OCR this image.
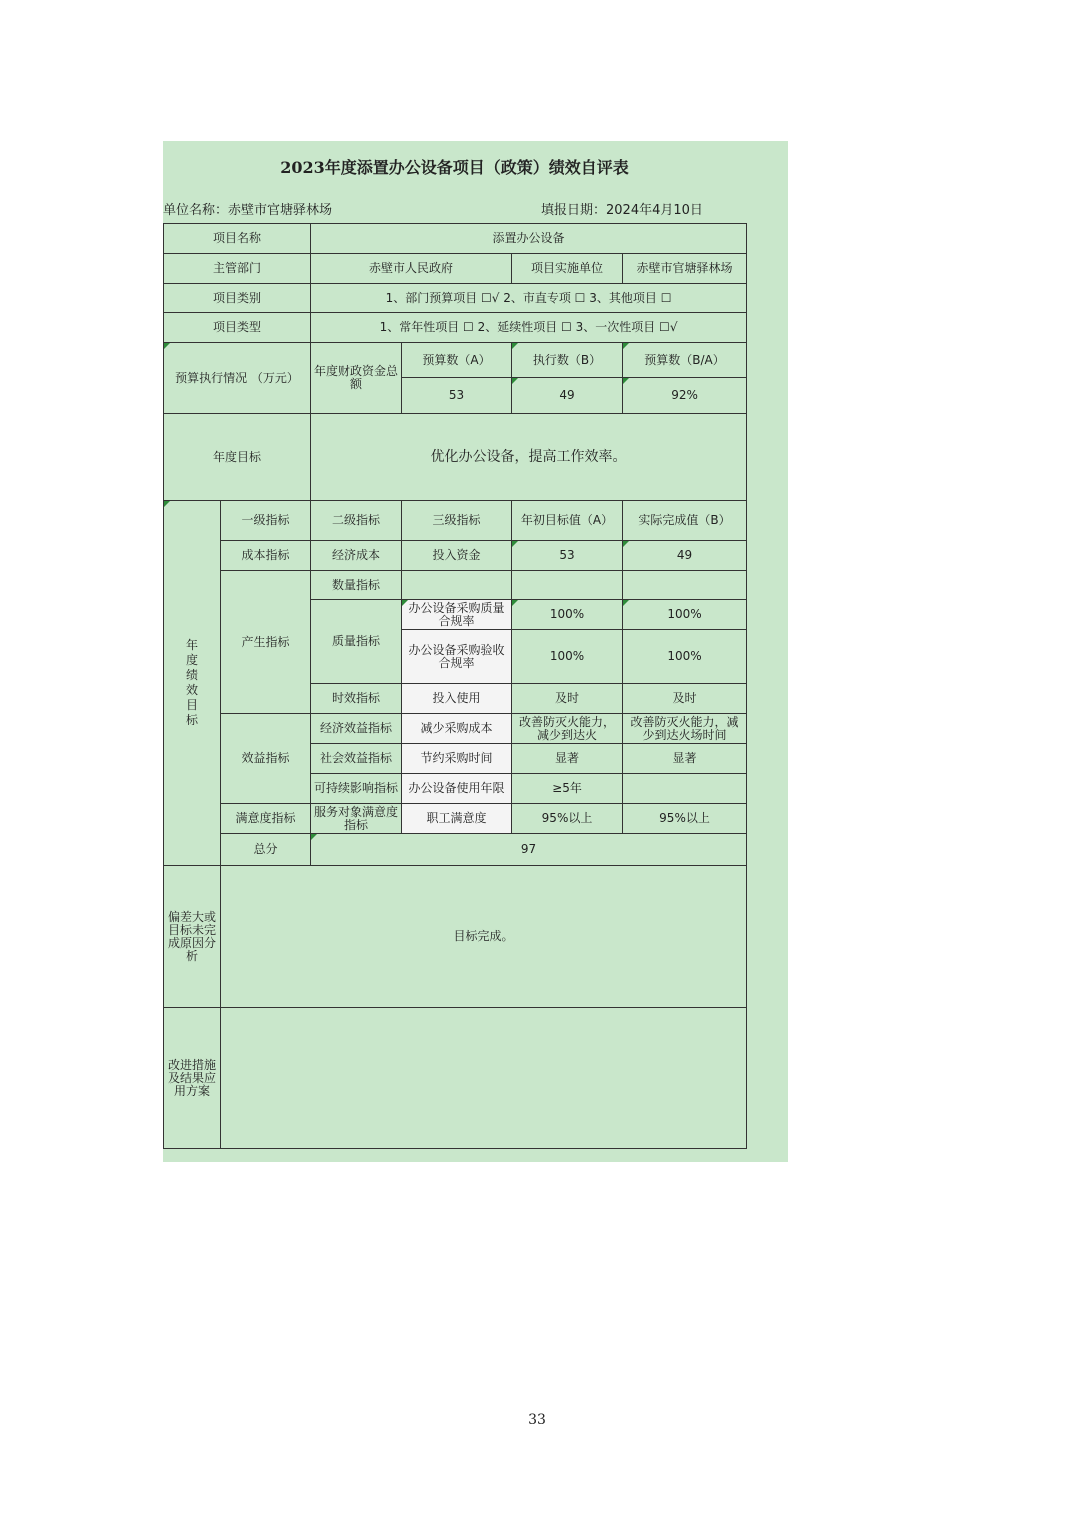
2023年度添置办公设备项目（政策）绩效自评表
单位名称：赤壁市官塘驿林场	填报日期：2024年4月10日
项目名称		添置办公设备			
主管部门		赤壁市人民政府		项目实施单位	赤壁市官塘驿林场
项目类别		1、部门预算项目 ☐√ 2、市直专项 ☐ 3、其他项目 ☐			
项目类型		1、常年性项目 ☐ 2、延续性项目 ☐ 3、一次性项目 ☐√			
预算执行情况 （万元）		年度财政资金总额	预算数（A）	执行数（B）	预算数（B/A）
			53	49	92%
年度目标		优化办公设备，提高工作效率。			
年度绩效目标	一级指标	二级指标	三级指标	年初目标值（A）	实际完成值（B）
	成本指标	经济成本	投入资金	53	49
	产生指标	数量指标			
		质量指标	办公设备采购质量合规率	100%	100%
			办公设备采购验收合规率	100%	100%
		时效指标	投入使用	及时	及时
	效益指标	经济效益指标	减少采购成本	改善防灭火能力，减少到达火	改善防灭火能力，减少到达火场时间
		社会效益指标	节约采购时间	显著	显著
		可持续影响指标	办公设备使用年限	≥5年	
	满意度指标	服务对象满意度指标	职工满意度	95%以上	95%以上
	总分	97			
偏差大或目标未完成原因分析	目标完成。				
改进措施及结果应用方案					
33
